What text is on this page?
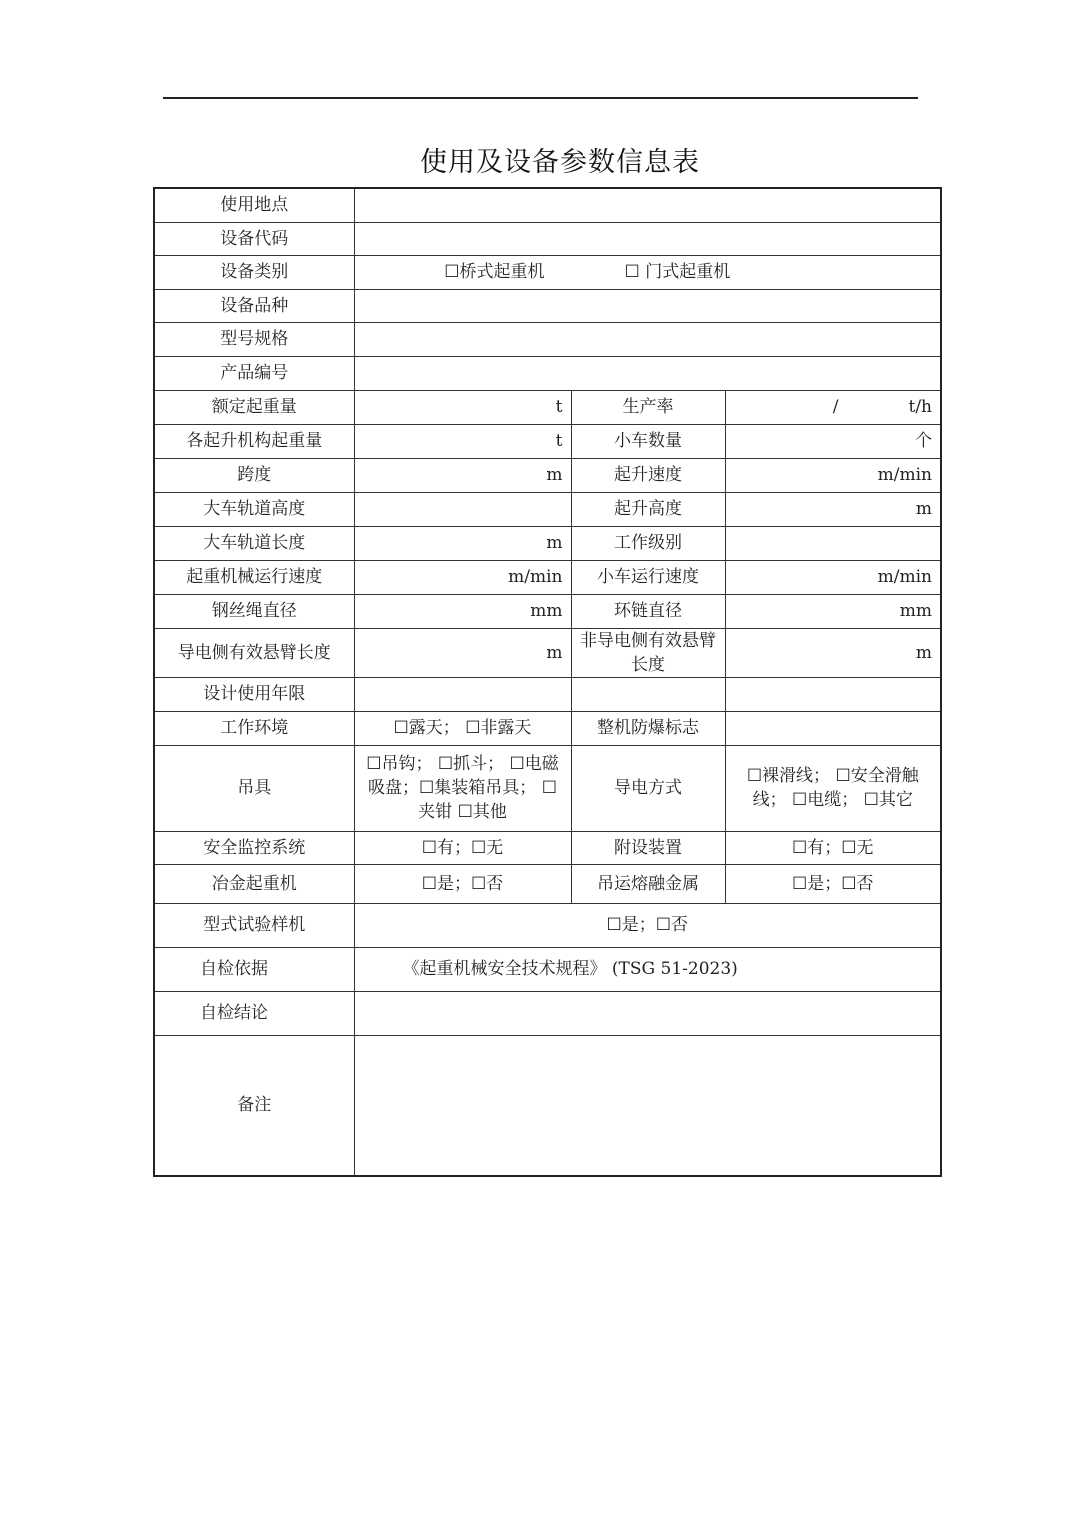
使用及设备参数信息表
使用地点			
设备代码			
设备类别	☐桥式起重机 ☐ 门式起重机		
设备品种			
型号规格			
产品编号			
额定起重量	t	生产率	/ t/h
各起升机构起重量	t	小车数量	个
跨度	m	起升速度	m/min
大车轨道高度		起升高度	m
大车轨道长度	m	工作级别	
起重机械运行速度	m/min	小车运行速度	m/min
钢丝绳直径	mm	环链直径	mm
导电侧有效悬臂长度	m	非导电侧有效悬臂长度	m
设计使用年限			
工作环境	☐露天； ☐非露天	整机防爆标志	
吊具	☐吊钩； ☐抓斗； ☐电磁吸盘；☐集装箱吊具； ☐夹钳 ☐其他	导电方式	☐裸滑线； ☐安全滑触线； ☐电缆； ☐其它
安全监控系统	☐有；☐无	附设装置	☐有；☐无
冶金起重机	☐是；☐否	吊运熔融金属	☐是；☐否
型式试验样机	☐是；☐否		
自检依据	《起重机械安全技术规程》 (TSG 51-2023)		
自检结论			
备注			
